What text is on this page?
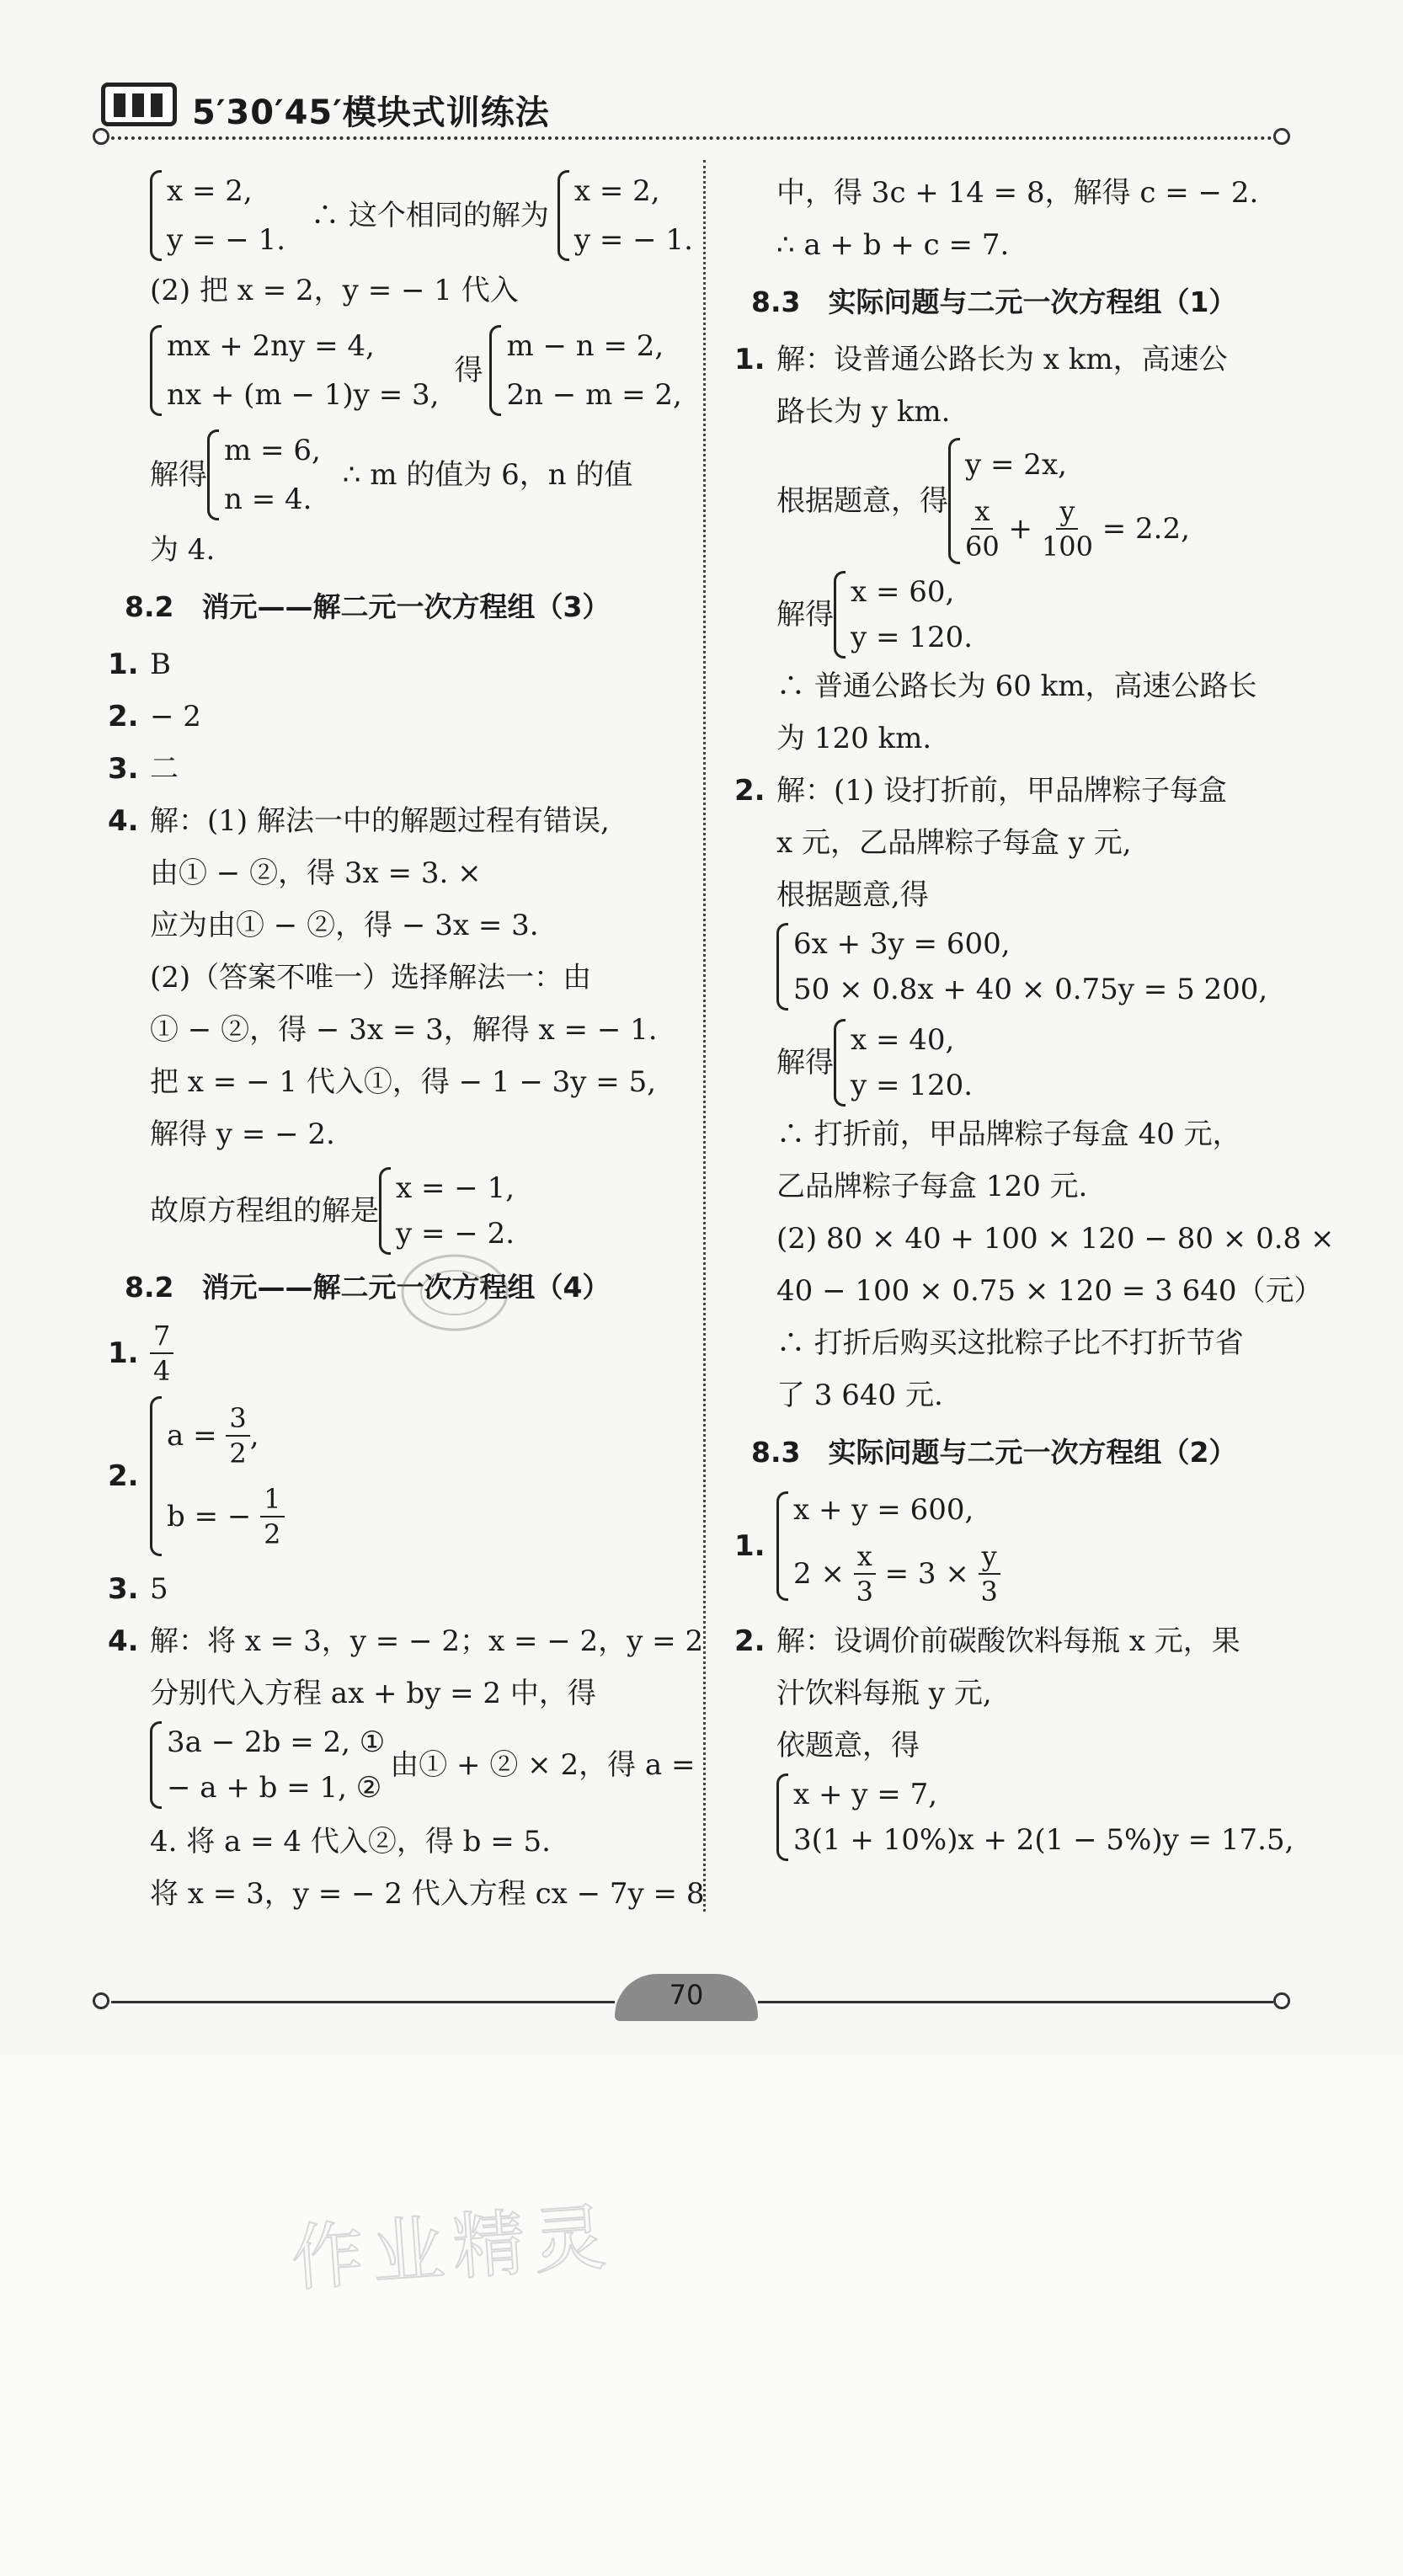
5′30′45′模块式训练法
x = 2,
y = − 1.
∴ 这个相同的解为
x = 2,
y = − 1.
(2) 把 x = 2，y = − 1 代入
mx + 2ny = 4,
nx + (m − 1)y = 3,
得
m − n = 2,
2n − m = 2,
解得
m = 6,
n = 4.
∴ m 的值为 6，n 的值
为 4.
8.2　消元——解二元一次方程组（3）
1. B
2. − 2
3. 二
4. 解：(1) 解法一中的解题过程有错误,
由① − ②，得 3x = 3. ×
应为由① − ②，得 − 3x = 3.
(2)（答案不唯一）选择解法一：由
① − ②，得 − 3x = 3，解得 x = − 1.
把 x = − 1 代入①，得 − 1 − 3y = 5,
解得 y = − 2.
故原方程组的解是
x = − 1,
y = − 2.
8.2　消元——解二元一次方程组（4）
1. $\frac{7}{4}$
2.
a =
$\frac{3}{2}$ ,
b = −
$\frac{1}{2}$
3. 5
4. 解：将 x = 3，y = − 2；x = − 2，y = 2
分别代入方程 ax + by = 2 中，得
3a − 2b = 2, ①
− a + b = 1, ②
由① + ② × 2，得 a =
4. 将 a = 4 代入②，得 b = 5.
将 x = 3，y = − 2 代入方程 cx − 7y = 8
中，得 3c + 14 = 8，解得 c = − 2.
∴ a + b + c = 7.
8.3　实际问题与二元一次方程组（1）
1. 解：设普通公路长为 x km，高速公
路长为 y km.
根据题意，得
y = 2x,
$\frac{x}{60}$
+
$\frac{y}{100}$
= 2.2,
解得
x = 60,
y = 120.
∴ 普通公路长为 60 km，高速公路长
为 120 km.
2. 解：(1) 设打折前，甲品牌粽子每盒
x 元，乙品牌粽子每盒 y 元,
根据题意,得
6x + 3y = 600,
50 × 0.8x + 40 × 0.75y = 5 200,
解得
x = 40,
y = 120.
∴ 打折前，甲品牌粽子每盒 40 元，
乙品牌粽子每盒 120 元.
(2) 80 × 40 + 100 × 120 − 80 × 0.8 ×
40 − 100 × 0.75 × 120 = 3 640（元）
∴ 打折后购买这批粽子比不打折节省
了 3 640 元.
8.3　实际问题与二元一次方程组（2）
1.
x + y = 600,
2 ×
$\frac{x}{3}$
= 3 ×
$\frac{y}{3}$
2. 解：设调价前碳酸饮料每瓶 x 元，果
汁饮料每瓶 y 元,
依题意，得
x + y = 7,
3(1 + 10%)x + 2(1 − 5%)y = 17.5,
70
作业精灵
